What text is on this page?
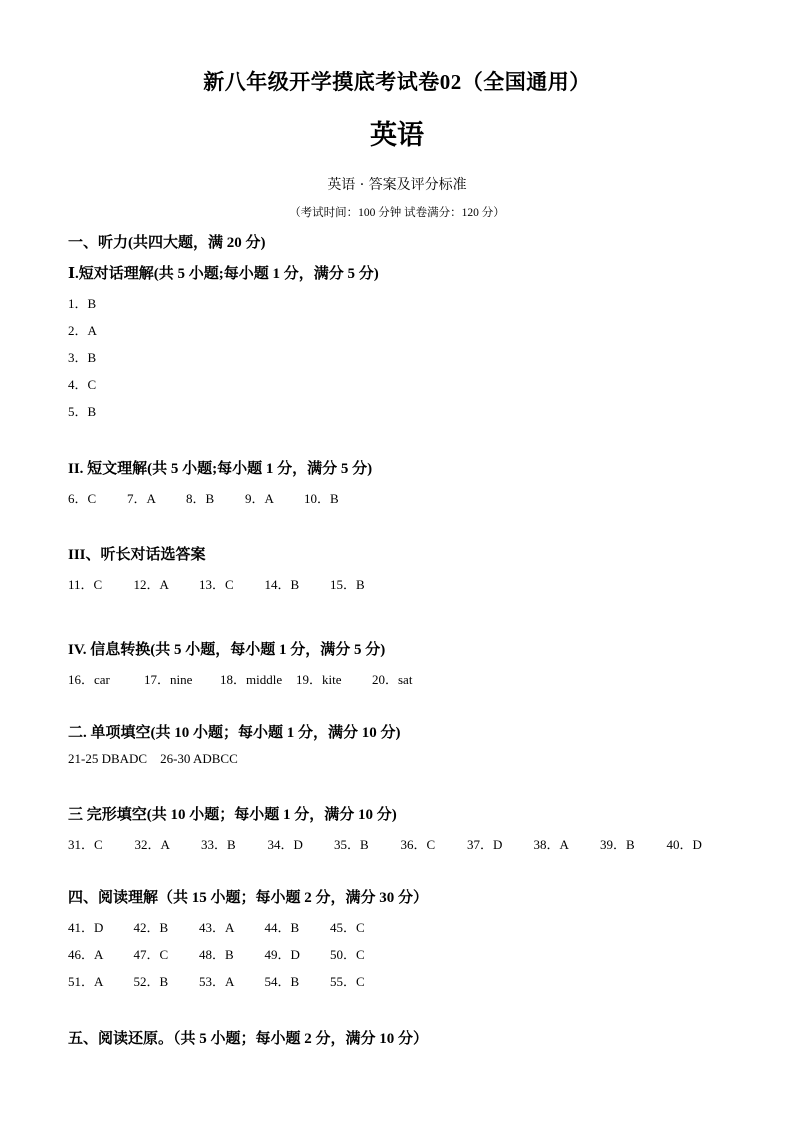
新八年级开学摸底考试卷02（全国通用）
英语
英语 · 答案及评分标准
（考试时间：100 分钟 试卷满分：120 分）
一、听力(共四大题，满 20 分)
Ⅰ.短对话理解(共 5 小题;每小题 1 分，满分 5 分)
1．B
2．A
3．B
4．C
5．B
II. 短文理解(共 5 小题;每小题 1 分，满分 5 分)
6．C 7．A 8．B 9．A 10．B
III、听长对话选答案
11．C 12．A 13．C 14．B 15．B
IV. 信息转换(共 5 小题，每小题 1 分，满分 5 分)
16．car	17．nine 18．middle 19．kite 20．sat
二. 单项填空(共 10 小题；每小题 1 分，满分 10 分)
21-25 DBADC 26-30 ADBCC
三 完形填空(共 10 小题；每小题 1 分，满分 10 分)
31．C 32．A 33．B 34．D 35．B 36．C 37．D 38．A 39．B 40．D
四、阅读理解（共 15 小题；每小题 2 分，满分 30 分）
41．D 42．B 43．A 44．B 45．C
46．A 47．C 48．B 49．D 50．C
51．A 52．B 53．A 54．B 55．C
五、阅读还原。（共 5 小题；每小题 2 分，满分 10 分）
